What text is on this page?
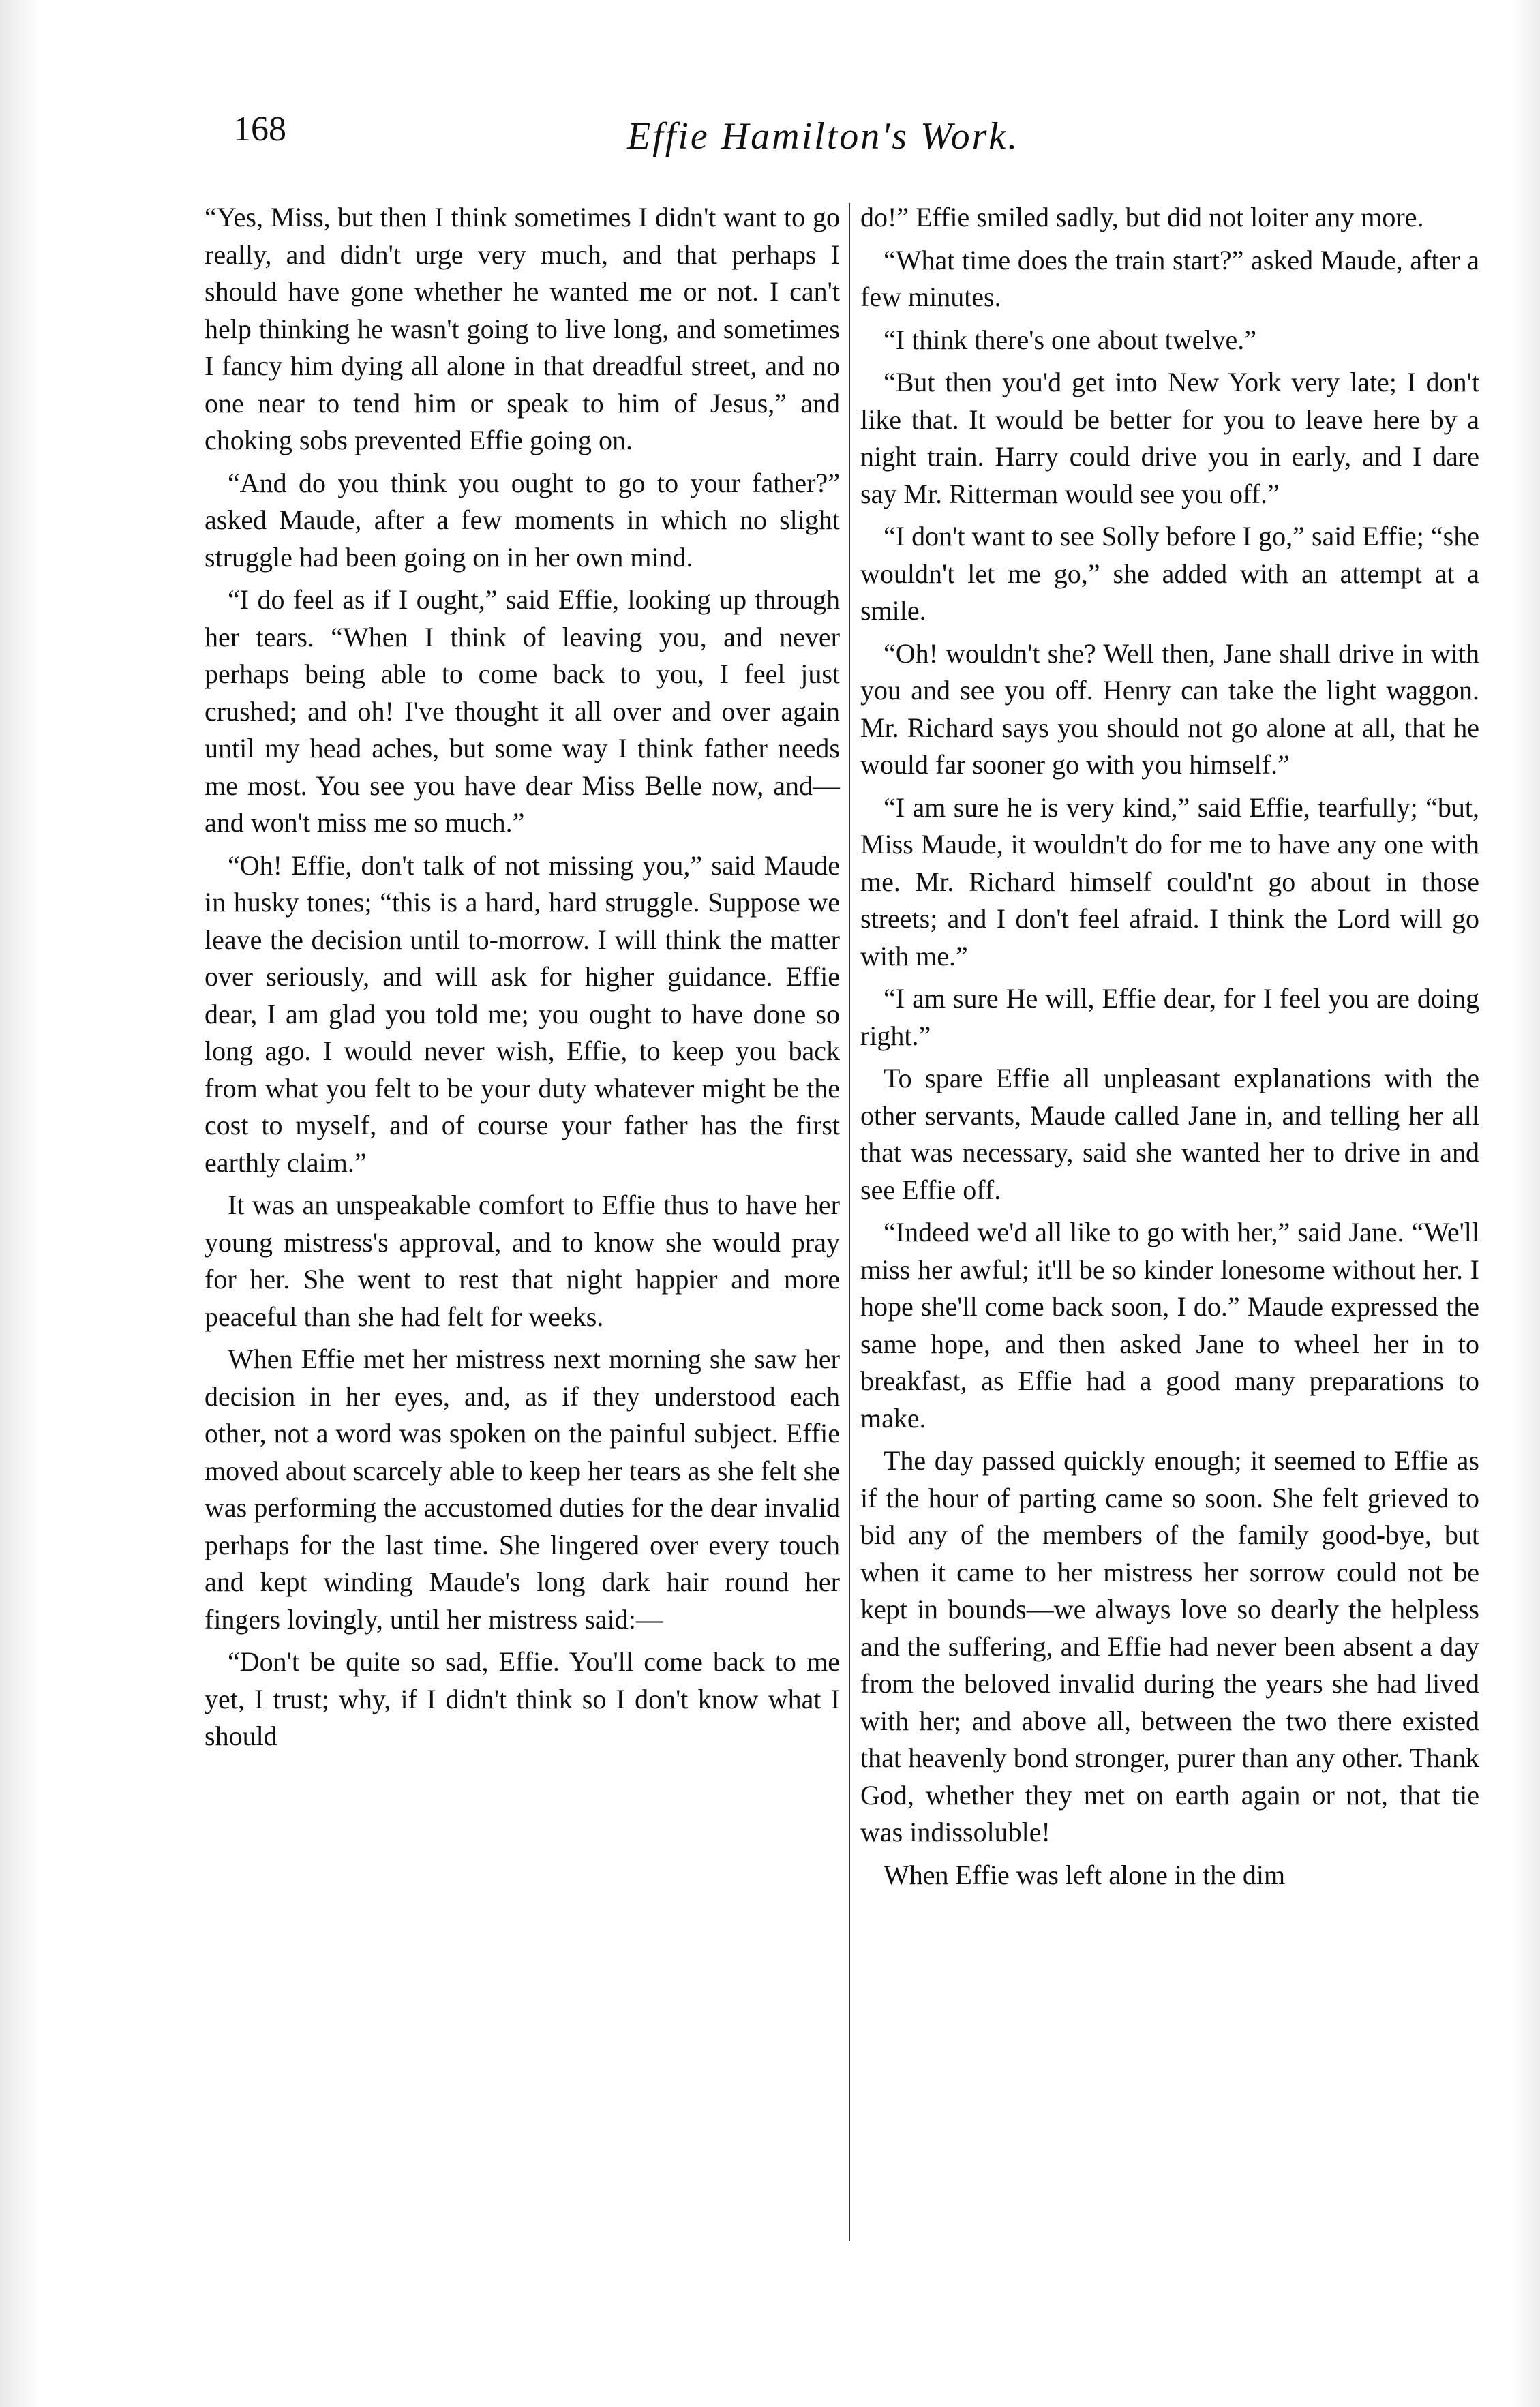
168	Effie Hamilton's Work.

“Yes, Miss, but then I think sometimes I didn't want to go really, and didn't urge very much, and that perhaps I should have gone whether he wanted me or not. I can't help thinking he wasn't going to live long, and sometimes I fancy him dying all alone in that dreadful street, and no one near to tend him or speak to him of Jesus,” and choking sobs prevented Effie going on.

“And do you think you ought to go to your father?” asked Maude, after a few moments in which no slight struggle had been going on in her own mind.

“I do feel as if I ought,” said Effie, looking up through her tears. “When I think of leaving you, and never perhaps being able to come back to you, I feel just crushed; and oh! I've thought it all over and over again until my head aches, but some way I think father needs me most. You see you have dear Miss Belle now, and—and won't miss me so much.”

“Oh! Effie, don't talk of not missing you,” said Maude in husky tones; “this is a hard, hard struggle. Suppose we leave the decision until to-morrow. I will think the matter over seriously, and will ask for higher guidance. Effie dear, I am glad you told me; you ought to have done so long ago. I would never wish, Effie, to keep you back from what you felt to be your duty whatever might be the cost to myself, and of course your father has the first earthly claim.”

It was an unspeakable comfort to Effie thus to have her young mistress's approval, and to know she would pray for her. She went to rest that night happier and more peaceful than she had felt for weeks.

When Effie met her mistress next morning she saw her decision in her eyes, and, as if they understood each other, not a word was spoken on the painful subject. Effie moved about scarcely able to keep her tears as she felt she was performing the accustomed duties for the dear invalid perhaps for the last time. She lingered over every touch and kept winding Maude's long dark hair round her fingers lovingly, until her mistress said:—

“Don't be quite so sad, Effie. You'll come back to me yet, I trust; why, if I didn't think so I don't know what I should

do!” Effie smiled sadly, but did not loiter any more.

“What time does the train start?” asked Maude, after a few minutes.

“I think there's one about twelve.”

“But then you'd get into New York very late; I don't like that. It would be better for you to leave here by a night train. Harry could drive you in early, and I dare say Mr. Ritterman would see you off.”

“I don't want to see Solly before I go,” said Effie; “she wouldn't let me go,” she added with an attempt at a smile.

“Oh! wouldn't she? Well then, Jane shall drive in with you and see you off. Henry can take the light waggon. Mr. Richard says you should not go alone at all, that he would far sooner go with you himself.”

“I am sure he is very kind,” said Effie, tearfully; “but, Miss Maude, it wouldn't do for me to have any one with me. Mr. Richard himself could'nt go about in those streets; and I don't feel afraid. I think the Lord will go with me.”

“I am sure He will, Effie dear, for I feel you are doing right.”

To spare Effie all unpleasant explanations with the other servants, Maude called Jane in, and telling her all that was necessary, said she wanted her to drive in and see Effie off.

“Indeed we'd all like to go with her,” said Jane. “We'll miss her awful; it'll be so kinder lonesome without her. I hope she'll come back soon, I do.” Maude expressed the same hope, and then asked Jane to wheel her in to breakfast, as Effie had a good many preparations to make.

The day passed quickly enough; it seemed to Effie as if the hour of parting came so soon. She felt grieved to bid any of the members of the family good-bye, but when it came to her mistress her sorrow could not be kept in bounds—we always love so dearly the helpless and the suffering, and Effie had never been absent a day from the beloved invalid during the years she had lived with her; and above all, between the two there existed that heavenly bond stronger, purer than any other. Thank God, whether they met on earth again or not, that tie was indissoluble!

When Effie was left alone in the dim
